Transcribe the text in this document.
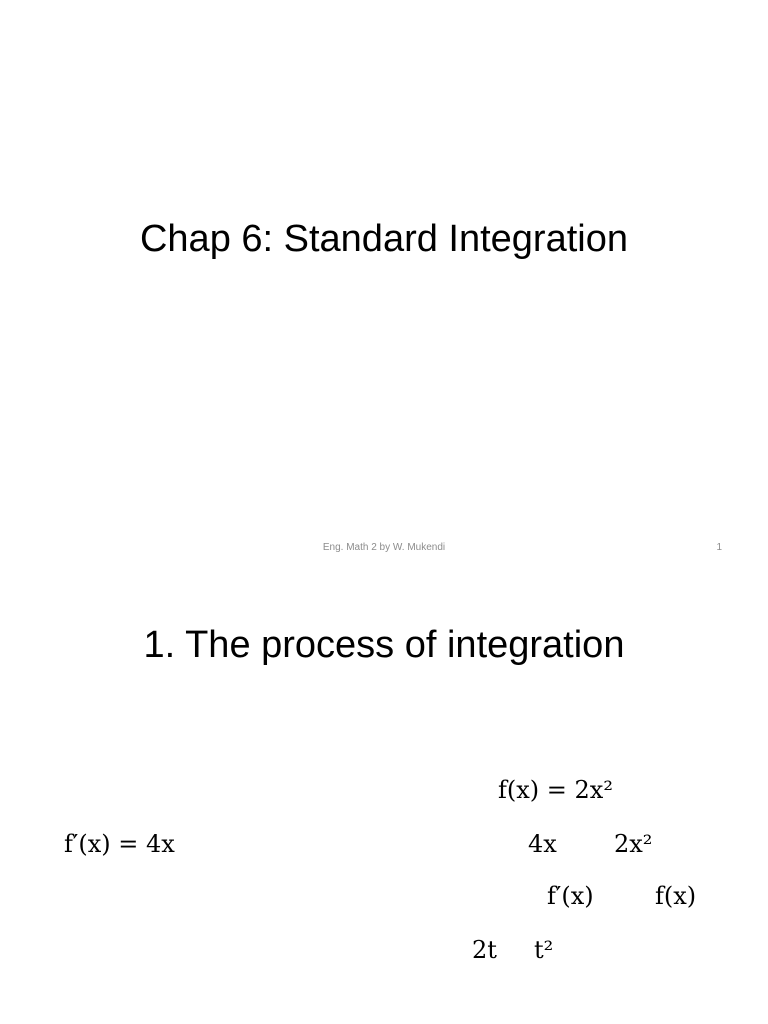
Chap 6: Standard Integration
Eng. Math 2 by W. Mukendi	1
1. The process of integration
f′(x) = 4x
f(x) = 2x²
4x 2x²
f′(x)	f(x)
2t t²
